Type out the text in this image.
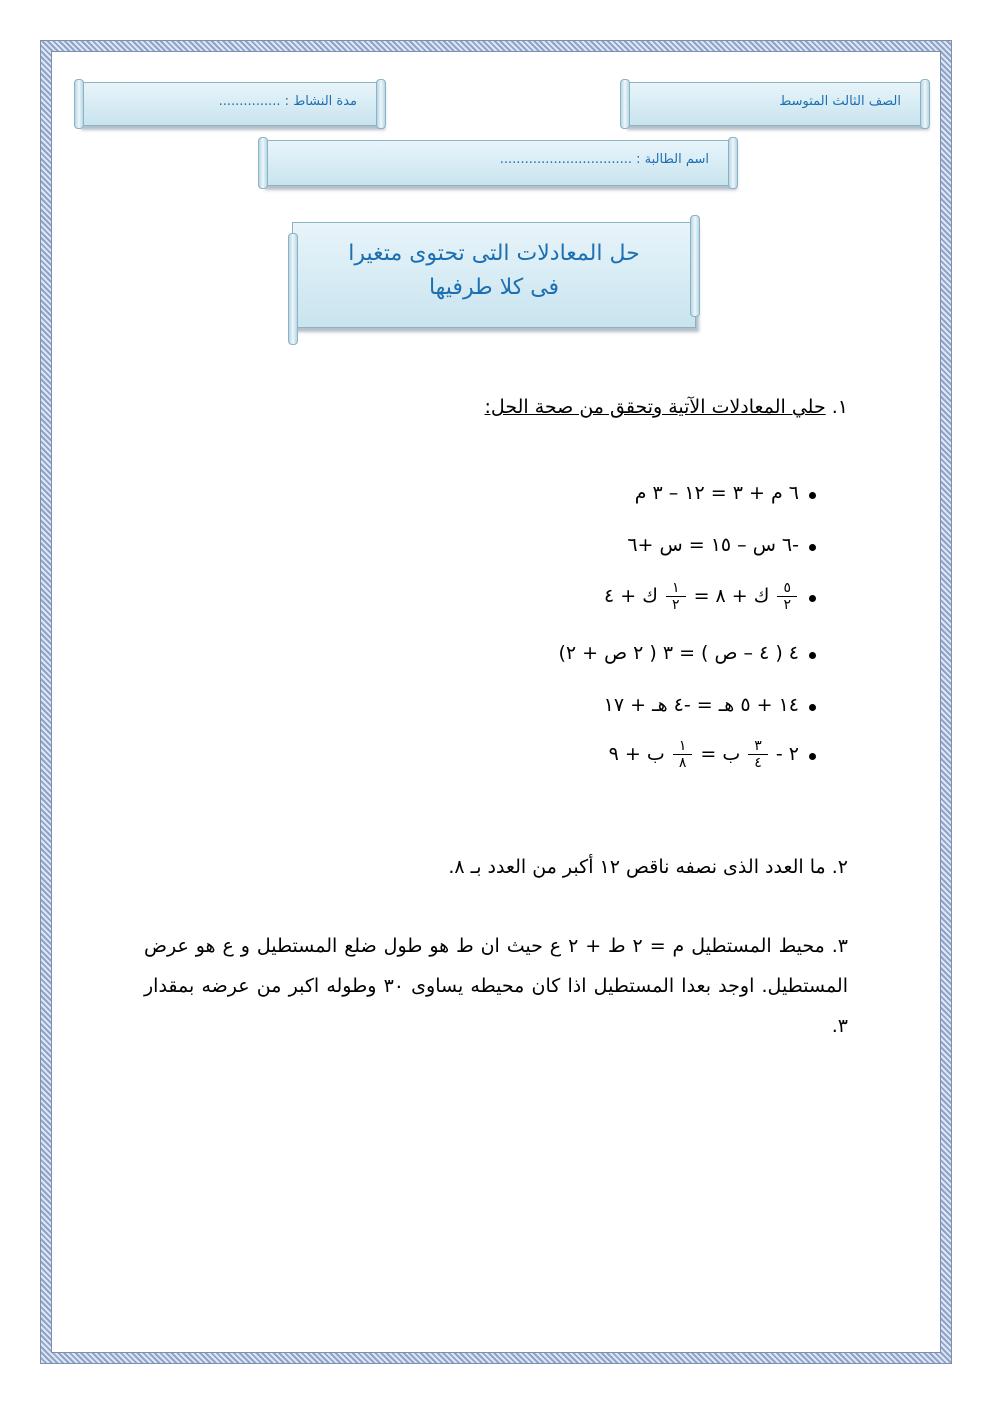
الصف الثالث المتوسط
مدة النشاط : ...............
اسم الطالبة : ................................
حل المعادلات التى تحتوى متغيرا
فى كلا طرفيها
١. حلي المعادلات الآتية وتحقق من صحة الحل:
٦ م + ٣ = ١٢ – ٣ م
-٦ س – ١٥ = س +٦
$\frac{٥}{٢}$
ك + ٨ =
$\frac{١}{٢}$
ك + ٤
٤ ( ٤ – ص ) = ٣ ( ٢ ص + ٢)
١٤ + ٥ هـ = -٤ هـ + ١٧
٢ -
$\frac{٣}{٤}$
ب =
$\frac{١}{٨}$
ب + ٩
٢. ما العدد الذى نصفه ناقص ١٢ أكبر من العدد بـ ٨.
٣. محيط المستطيل م = ٢ ط + ٢ ع حيث ان ط هو طول ضلع المستطيل و ع هو عرض المستطيل. اوجد بعدا المستطيل اذا كان محيطه يساوى ٣٠ وطوله اكبر من عرضه بمقدار ٣.
